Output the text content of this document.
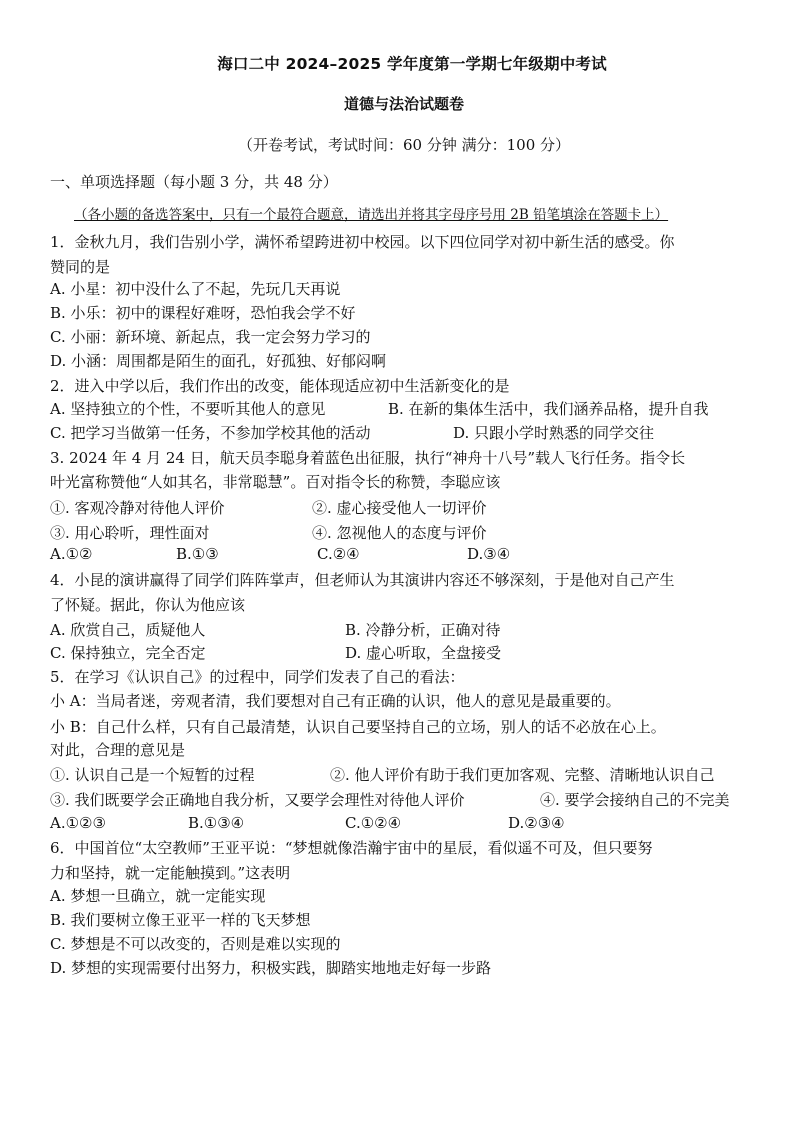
海口二中 2024–2025 学年度第一学期七年级期中考试
道德与法治试题卷
（开卷考试，考试时间：60 分钟 满分：100 分）
一、单项选择题（每小题 3 分，共 48 分）
（各小题的备选答案中，只有一个最符合题意，请选出并将其字母序号用 2B 铅笔填涂在答题卡上）
1．金秋九月，我们告别小学，满怀希望跨进初中校园。以下四位同学对初中新生活的感受。你
赞同的是
A. 小星：初中没什么了不起，先玩几天再说
B. 小乐：初中的课程好难呀，恐怕我会学不好
C. 小丽：新环境、新起点，我一定会努力学习的
D. 小涵：周围都是陌生的面孔，好孤独、好郁闷啊
2．进入中学以后，我们作出的改变，能体现适应初中生活新变化的是
A. 坚持独立的个性，不要听其他人的意见	B. 在新的集体生活中，我们涵养品格，提升自我
C. 把学习当做第一任务，不参加学校其他的活动	D. 只跟小学时熟悉的同学交往
3. 2024 年 4 月 24 日，航天员李聪身着蓝色出征服，执行“神舟十八号”载人飞行任务。指令长
叶光富称赞他“人如其名，非常聪慧”。百对指令长的称赞，李聪应该
①. 客观冷静对待他人评价	②. 虚心接受他人一切评价
③. 用心聆听，理性面对	④. 忽视他人的态度与评价
A.①②	B.①③	C.②④	D.③④
4．小昆的演讲赢得了同学们阵阵掌声，但老师认为其演讲内容还不够深刻，于是他对自己产生
了怀疑。据此，你认为他应该
A. 欣赏自己，质疑他人	B. 冷静分析，正确对待
C. 保持独立，完全否定	D. 虚心听取，全盘接受
5．在学习《认识自己》的过程中，同学们发表了自己的看法：
小 A：当局者迷，旁观者清，我们要想对自己有正确的认识，他人的意见是最重要的。
小 B：自己什么样，只有自己最清楚，认识自己要坚持自己的立场，别人的话不必放在心上。
对此，合理的意见是
①. 认识自己是一个短暂的过程	②. 他人评价有助于我们更加客观、完整、清晰地认识自己
③. 我们既要学会正确地自我分析，又要学会理性对待他人评价	④. 要学会接纳自己的不完美
A.①②③	B.①③④	C.①②④	D.②③④
6．中国首位“太空教师”王亚平说：“梦想就像浩瀚宇宙中的星辰，看似遥不可及，但只要努
力和坚持，就一定能触摸到。”这表明
A. 梦想一旦确立，就一定能实现
B. 我们要树立像王亚平一样的飞天梦想
C. 梦想是不可以改变的，否则是难以实现的
D. 梦想的实现需要付出努力，积极实践，脚踏实地地走好每一步路
